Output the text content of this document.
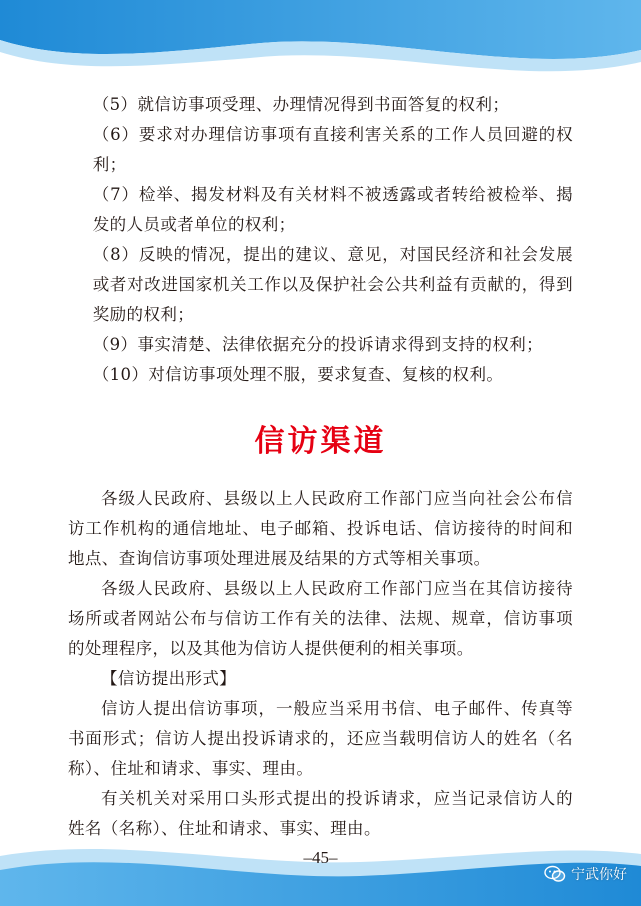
（5）就信访事项受理、办理情况得到书面答复的权利；

（6）要求对办理信访事项有直接利害关系的工作人员回避的权利；

（7）检举、揭发材料及有关材料不被透露或者转给被检举、揭发的人员或者单位的权利；

（8）反映的情况，提出的建议、意见，对国民经济和社会发展或者对改进国家机关工作以及保护社会公共利益有贡献的，得到奖励的权利；

（9）事实清楚、法律依据充分的投诉请求得到支持的权利；

（10）对信访事项处理不服，要求复查、复核的权利。

信访渠道

各级人民政府、县级以上人民政府工作部门应当向社会公布信访工作机构的通信地址、电子邮箱、投诉电话、信访接待的时间和地点、查询信访事项处理进展及结果的方式等相关事项。

各级人民政府、县级以上人民政府工作部门应当在其信访接待场所或者网站公布与信访工作有关的法律、法规、规章，信访事项的处理程序，以及其他为信访人提供便利的相关事项。

【信访提出形式】

信访人提出信访事项，一般应当采用书信、电子邮件、传真等书面形式；信访人提出投诉请求的，还应当载明信访人的姓名（名称）、住址和请求、事实、理由。

有关机关对采用口头形式提出的投诉请求，应当记录信访人的姓名（名称）、住址和请求、事实、理由。

–45–
宁武你好
